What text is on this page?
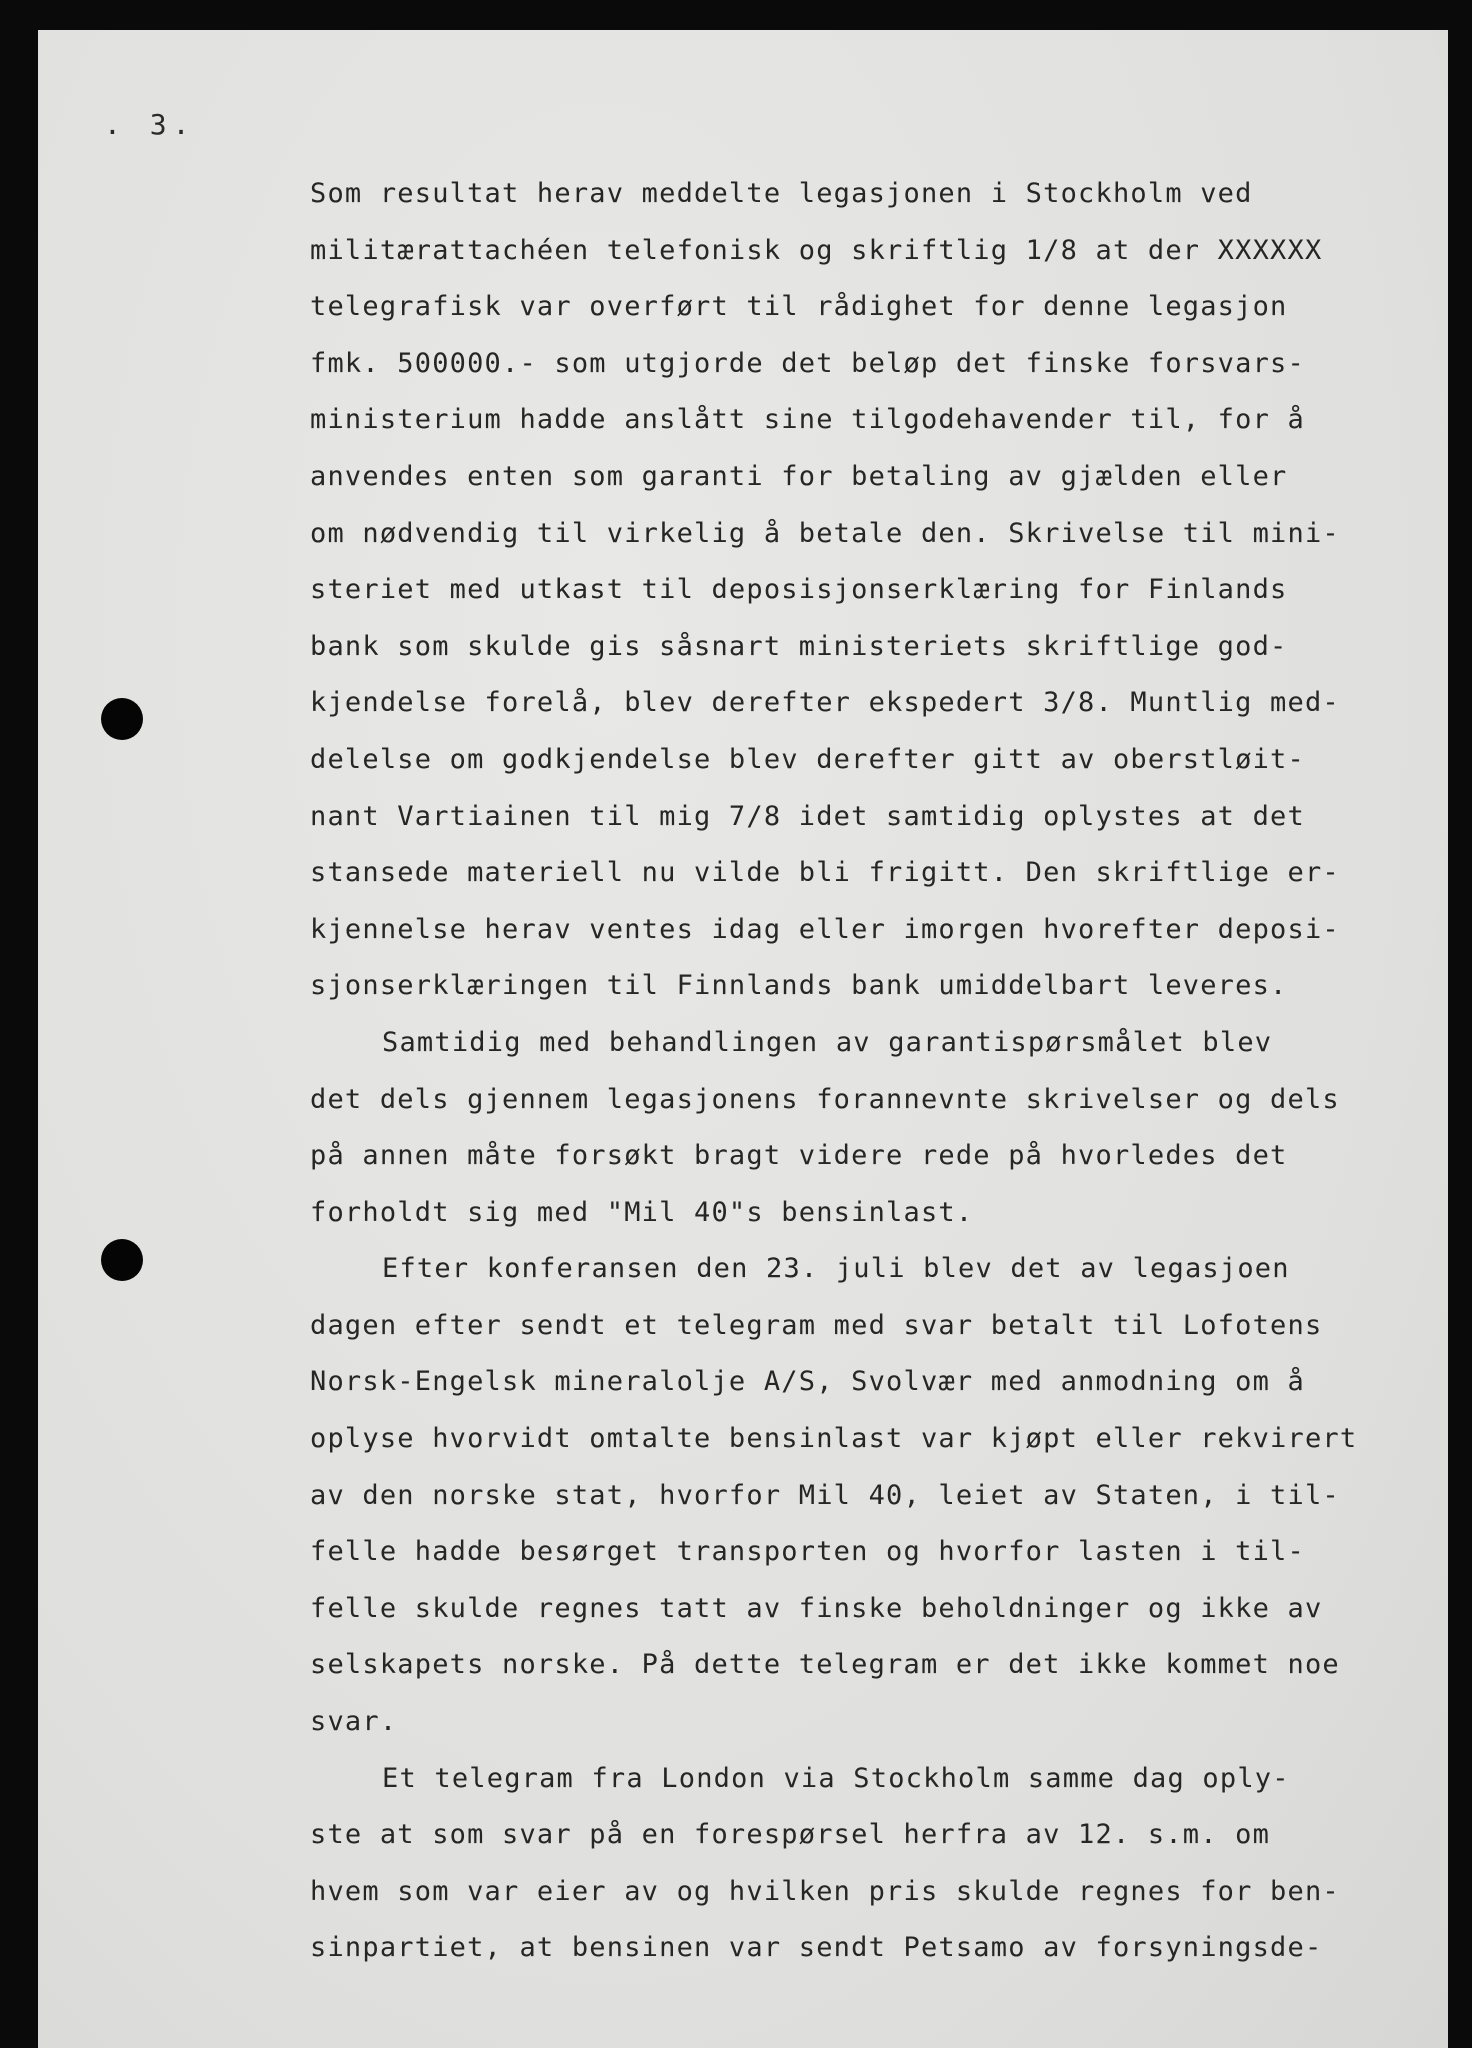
. 3.
Som resultat herav meddelte legasjonen i Stockholm ved
militærattachéen telefonisk og skriftlig 1/8 at der XXXXXX
telegrafisk var overført til rådighet for denne legasjon
fmk. 500000.- som utgjorde det beløp det finske forsvars-
ministerium hadde anslått sine tilgodehavender til, for å
anvendes enten som garanti for betaling av gjælden eller
om nødvendig til virkelig å betale den. Skrivelse til mini-
steriet med utkast til deposisjonserklæring for Finlands
bank som skulde gis såsnart ministeriets skriftlige god-
kjendelse forelå, blev derefter ekspedert 3/8. Muntlig med-
delelse om godkjendelse blev derefter gitt av oberstløit-
nant Vartiainen til mig 7/8 idet samtidig oplystes at det
stansede materiell nu vilde bli frigitt. Den skriftlige er-
kjennelse herav ventes idag eller imorgen hvorefter deposi-
sjonserklæringen til Finnlands bank umiddelbart leveres.
Samtidig med behandlingen av garantispørsmålet blev
det dels gjennem legasjonens forannevnte skrivelser og dels
på annen måte forsøkt bragt videre rede på hvorledes det
forholdt sig med "Mil 40"s bensinlast.
Efter konferansen den 23. juli blev det av legasjoen
dagen efter sendt et telegram med svar betalt til Lofotens
Norsk-Engelsk mineralolje A/S, Svolvær med anmodning om å
oplyse hvorvidt omtalte bensinlast var kjøpt eller rekvirert
av den norske stat, hvorfor Mil 40, leiet av Staten, i til-
felle hadde besørget transporten og hvorfor lasten i til-
felle skulde regnes tatt av finske beholdninger og ikke av
selskapets norske. På dette telegram er det ikke kommet noe
svar.
Et telegram fra London via Stockholm samme dag oply-
ste at som svar på en forespørsel herfra av 12. s.m. om
hvem som var eier av og hvilken pris skulde regnes for ben-
sinpartiet, at bensinen var sendt Petsamo av forsyningsde-
